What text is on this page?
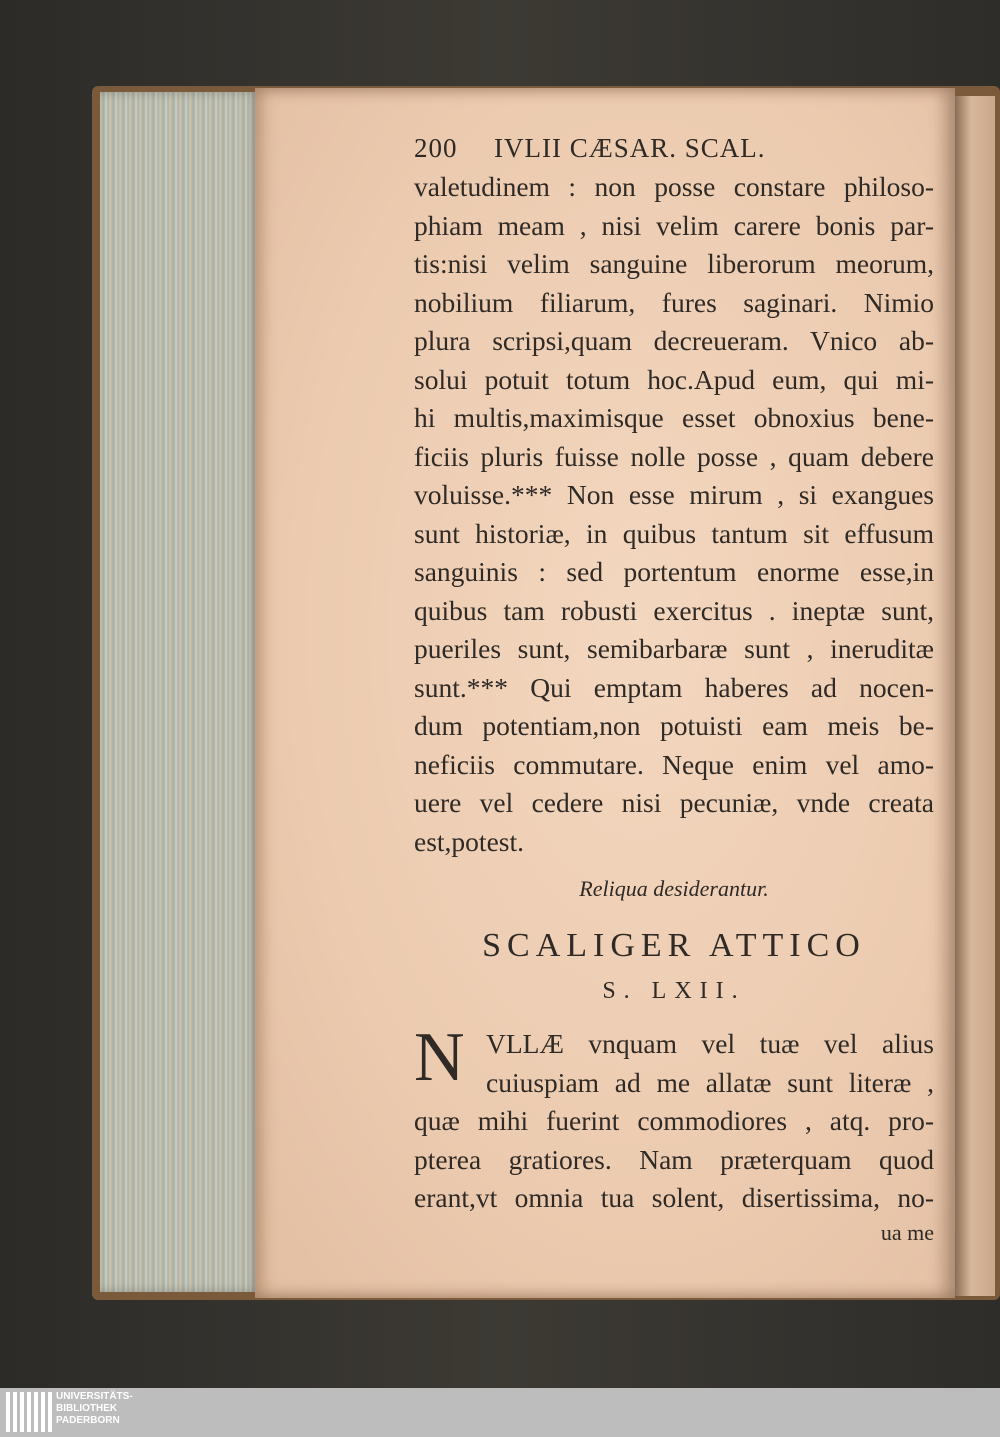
200 IVLII CÆSAR. SCAL.
valetudinem : non posse constare philoso-
phiam meam , nisi velim carere bonis par-
tis:nisi velim sanguine liberorum meorum,
nobilium filiarum, fures saginari. Nimio
plura scripsi,quam decreueram. Vnico ab-
solui potuit totum hoc.Apud eum, qui mi-
hi multis,maximisque esset obnoxius bene-
ficiis pluris fuisse nolle posse , quam debere
voluisse.*** Non esse mirum , si exangues
sunt historiæ, in quibus tantum sit effusum
sanguinis : sed portentum enorme esse,in
quibus tam robusti exercitus . ineptæ sunt,
pueriles sunt, semibarbaræ sunt , ineruditæ
sunt.*** Qui emptam haberes ad nocen-
dum potentiam,non potuisti eam meis be-
neficiis commutare. Neque enim vel amo-
uere vel cedere nisi pecuniæ, vnde creata
est,potest.
Reliqua desiderantur.
SCALIGER ATTICO
S. LXII.
N VLLÆ vnquam vel tuæ vel alius
cuiuspiam ad me allatæ sunt literæ ,
quæ mihi fuerint commodiores , atq. pro-
pterea gratiores. Nam præterquam quod
erant,vt omnia tua solent, disertissima, no-
ua me
UNIVERSITÄTS-
BIBLIOTHEK
PADERBORN
